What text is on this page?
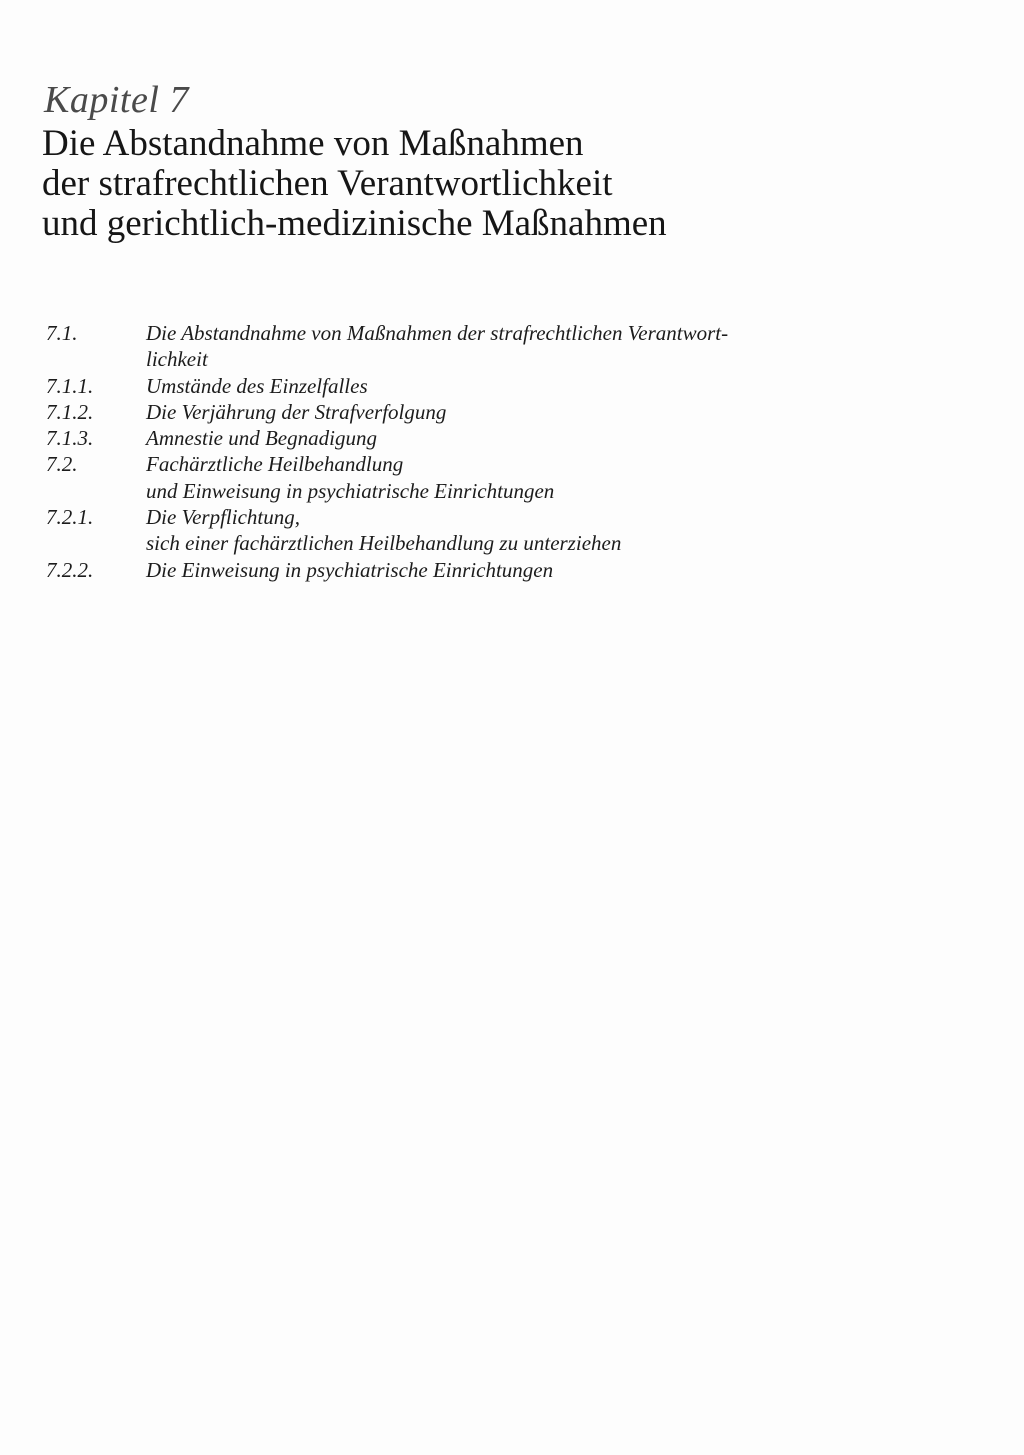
Kapitel 7
Die Abstandnahme von Maßnahmen
der strafrechtlichen Verantwortlichkeit
und gerichtlich-medizinische Maßnahmen
7.1.	Die Abstandnahme von Maßnahmen der strafrechtlichen Verantwort-
lichkeit
7.1.1.	Umstände des Einzelfalles
7.1.2.	Die Verjährung der Strafverfolgung
7.1.3.	Amnestie und Begnadigung
7.2.	Fachärztliche Heilbehandlung
und Einweisung in psychiatrische Einrichtungen
7.2.1.	Die Verpflichtung,
sich einer fachärztlichen Heilbehandlung zu unterziehen
7.2.2.	Die Einweisung in psychiatrische Einrichtungen
